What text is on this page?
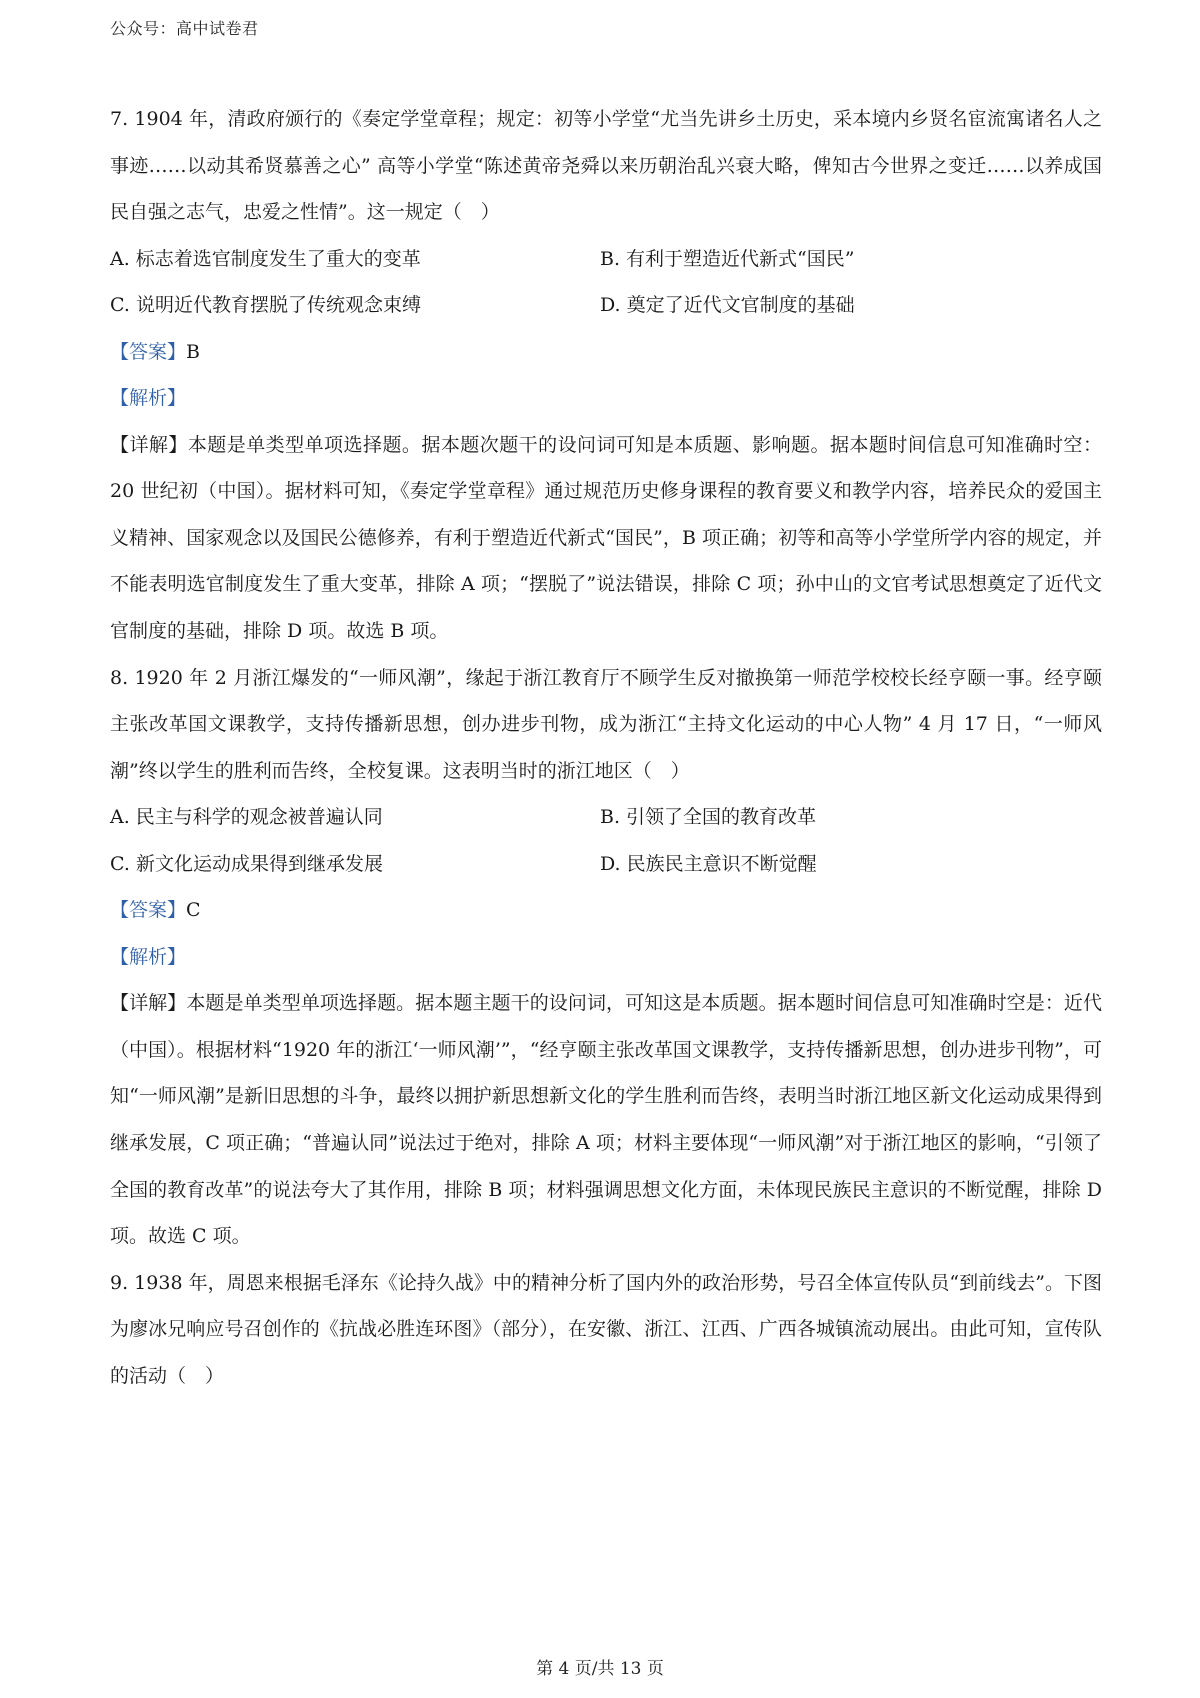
公众号：高中试卷君

7. 1904 年，清政府颁行的《奏定学堂章程；规定：初等小学堂“尤当先讲乡土历史，采本境内乡贤名宦流寓诸名人之事迹……以动其希贤慕善之心” 高等小学堂“陈述黄帝尧舜以来历朝治乱兴衰大略，俾知古今世界之变迁……以养成国民自强之志气，忠爱之性情”。这一规定（　）

A. 标志着选官制度发生了重大的变革	B. 有利于塑造近代新式“国民”
C. 说明近代教育摆脱了传统观念束缚	D. 奠定了近代文官制度的基础

【答案】B

【解析】

【详解】本题是单类型单项选择题。据本题次题干的设问词可知是本质题、影响题。据本题时间信息可知准确时空：20 世纪初（中国）。据材料可知，《奏定学堂章程》通过规范历史修身课程的教育要义和教学内容，培养民众的爱国主义精神、国家观念以及国民公德修养，有利于塑造近代新式“国民”，B 项正确；初等和高等小学堂所学内容的规定，并不能表明选官制度发生了重大变革，排除 A 项；“摆脱了”说法错误，排除 C 项；孙中山的文官考试思想奠定了近代文官制度的基础，排除 D 项。故选 B 项。

8. 1920 年 2 月浙江爆发的“一师风潮”，缘起于浙江教育厅不顾学生反对撤换第一师范学校校长经亨颐一事。经亨颐主张改革国文课教学，支持传播新思想，创办进步刊物，成为浙江“主持文化运动的中心人物” 4 月 17 日，“一师风潮”终以学生的胜利而告终，全校复课。这表明当时的浙江地区（　）

A. 民主与科学的观念被普遍认同	B. 引领了全国的教育改革
C. 新文化运动成果得到继承发展	D. 民族民主意识不断觉醒

【答案】C

【解析】

【详解】本题是单类型单项选择题。据本题主题干的设问词，可知这是本质题。据本题时间信息可知准确时空是：近代（中国）。根据材料“1920 年的浙江‘一师风潮’”，“经亨颐主张改革国文课教学，支持传播新思想，创办进步刊物”，可知“一师风潮”是新旧思想的斗争，最终以拥护新思想新文化的学生胜利而告终，表明当时浙江地区新文化运动成果得到继承发展，C 项正确；“普遍认同”说法过于绝对，排除 A 项；材料主要体现“一师风潮”对于浙江地区的影响，“引领了全国的教育改革”的说法夸大了其作用，排除 B 项；材料强调思想文化方面，未体现民族民主意识的不断觉醒，排除 D 项。故选 C 项。

9. 1938 年，周恩来根据毛泽东《论持久战》中的精神分析了国内外的政治形势，号召全体宣传队员“到前线去”。下图为廖冰兄响应号召创作的《抗战必胜连环图》（部分），在安徽、浙江、江西、广西各城镇流动展出。由此可知，宣传队的活动（　）

第 4 页/共 13 页
